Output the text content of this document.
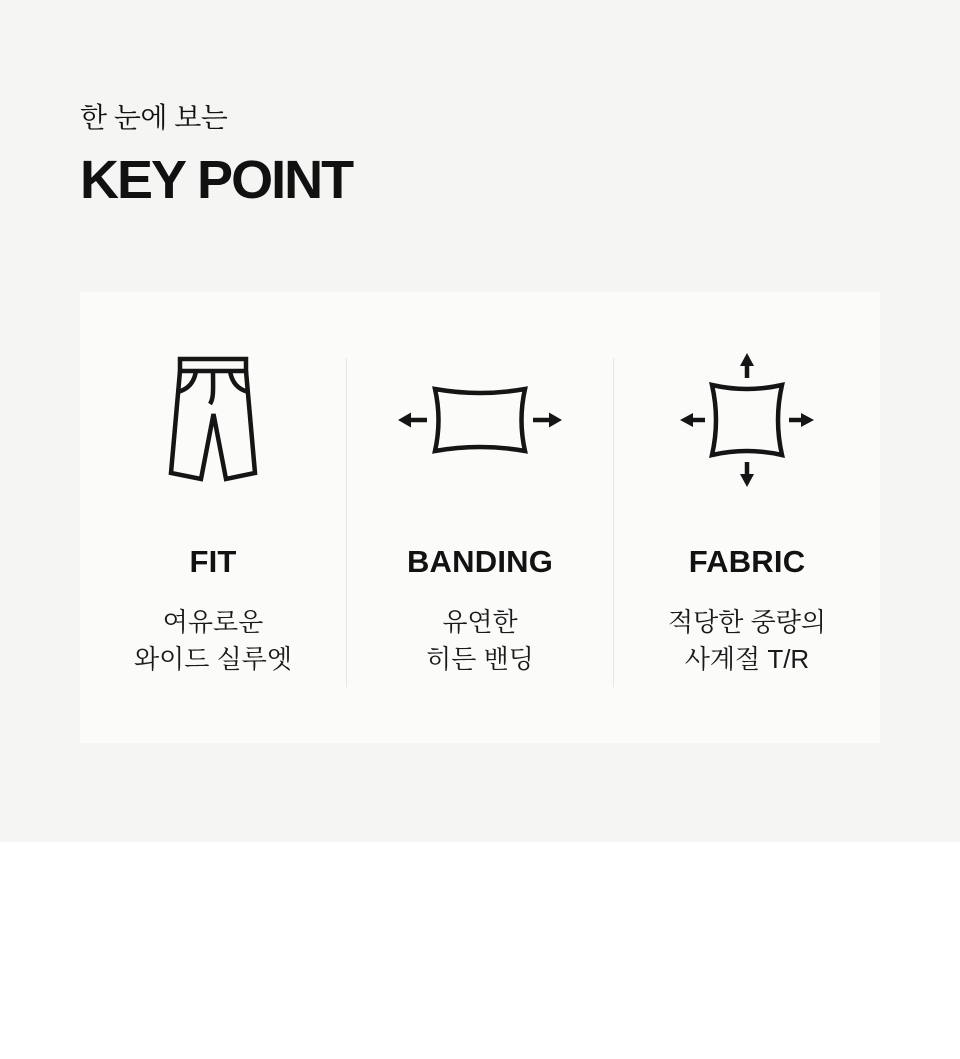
한 눈에 보는

KEY POINT
FIT

여유로운
와이드 실루엣

BANDING

유연한
히든 밴딩

FABRIC

적당한 중량의
사계절 T/R
